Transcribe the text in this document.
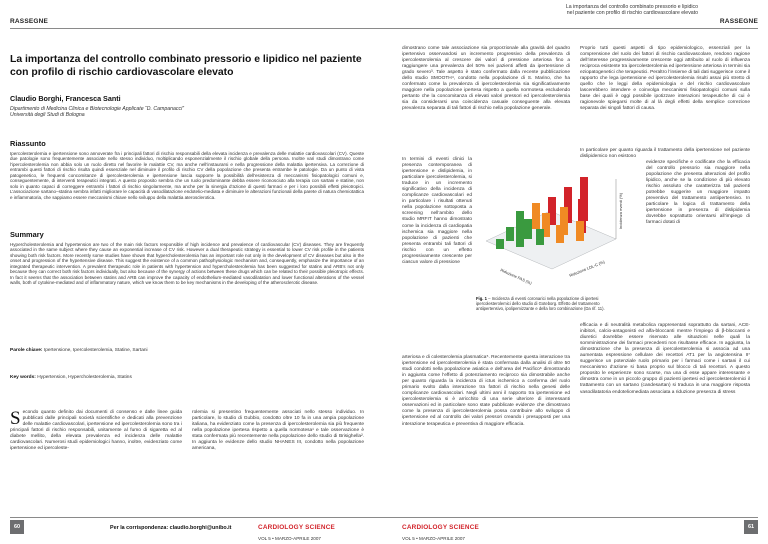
RASSEGNE
La importanza del controllo combinato pressorio e lipidico nel paziente con profilo di rischio cardiovascolare elevato
Claudio Borghi, Francesca Santi
Dipartimento di Medicina Clinica e Biotecnologie Applicate “D. Campanacci”
Università degli Studi di Bologna
Riassunto
Ipercolesterolemia e ipertensione sono annoverate fra i principali fattori di rischio responsabili della elevata incidenza e prevalenza delle malattie cardiovascolari (CV). Queste due patologie sono frequentemente associate nello stesso individuo, moltiplicando esponenzialmente il rischio globale della persona. Inoltre vari studi dimostrano come l’ipercolesterolemia non abbia solo un ruolo diretto nel favorire le malattie CV, ma anche nell’instaurarsi e nella progressione della malattia ipertensiva. La correzione di entrambi questi fattori di rischio risulta quindi essenziale nel diminuire il profilo di rischio CV della popolazione che presenta entrambe le patologie. Da un punto di vista patogenetico, le frequenti concomitanze di ipercolesterolemia e ipertensione lascia supporre la possibilità dell’esistenza di meccanismi fisiopatologici comuni e, conseguentemente, di interventi terapeutici integrati. A questo proposito sembra che un ruolo predominante debba essere riconosciuto alla terapia con sartani e statine, non solo in quanto capaci di correggere entrambi i fattori di rischio singolarmente, ma anche per la sinergia d’azione di questi farmaci e per i loro possibili effetti pleiotropici. L’associazione sartano–statina sembra infatti migliorare le capacità di vasodilatazione endotelio-mediata e diminuire le alterazioni funzionali della parete di natura chemiotattica e infiammatoria, che sappiamo essere meccanismi chiave nello sviluppo della malattia aterosclerotica.
Summary
Hypercholesterolemia and hypertension are two of the main risk factors responsible of high incidence and prevalence of cardiovascular (CV) diseases. They are frequently associated in the same subject where they cause an exponential increase of CV risk. However a dual therapeutic strategy is essential to lower CV risk profile in the patients showing both risk factors. More recently some studies have shown that hypercholesterolemia has an important role not only in the development of CV diseases but also in the onset and progression of the hypertensive disease. This suggest the existence of a common pathophysiologic mechanism and, consequently, emphasize the importance of an integrated therapeutic intervention. A prevalent therapeutic role in patients with hypertension and hypercholesterolemia has been suggested for statins and ARB’s not only because they can correct both risk factors individually, but also because of the synergy of actions between these drugs which can be related to their possible pleiotropic effects. In fact it seems that the association between statins and ARB can improve the capacity of endothelium-mediated vasodilatation and lower functional alterations of the vessel walls, both of cytokine-mediated and of inflammatory nature, which we know them to be key mechanisms in the developing of the atherosclerotic disease.
Parole chiave: Ipertensione, Ipercolesterolemia, Statine, Sartani
Key words: Hypertension, Hypercholesterolemia, Statins
Secondo quanto definito dai documenti di consenso e dalle linee guida pubblicati dalle principali società scientifiche e dedicati alla prevenzione delle malattie cardiovascolari, ipertensione ed ipercolesterolemia sono tra i principali fattori di rischio responsabili, unitamente al fumo di sigaretta ed al diabete mellito, della elevata prevalenza ed incidenza delle malattie cardiovascolari. Numerosi studi epidemiologici hanno, inoltre, evidenziato come ipertensione ed ipercoleste-
rolemia si presentino frequentemente associati nello stesso individuo. In particolare, lo studio di Gubbio, condotto oltre 10 fa in una ampia popolazione italiana, ha evidenziato come la presenza di ipercolesterolemia sia più frequente nella popolazione ipertesa rispetto a quella normotesa¹ e tale osservazione è stata confermata più recentemente nella popolazione dello studio di Brisighella². In aggiunta le evidenze dello studio NHANES III, condotto nella popolazione americana,
60	Per la corrispondenza: claudio.borghi@unibo.it	CARDIOLOGY SCIENCE
VOL 5 • MARZO-APRILE 2007
La importanza del controllo combinato pressorio e lipidico
nel paziente con profilo di rischio cardiovascolare elevato
RASSEGNE
dimostrano come tale associazione sia proporzionale alla gravità del quadro ipertensivo osservandosi un incremento progressivo della prevalenza di ipercolesterolemia al crescere dei valori di pressione arteriosa fino a raggiungere una prevalenza del 50% nei pazienti affetti da ipertensione di grado severo³. Tale aspetto è stato confermato dalla recente pubblicazione dello studio SMOOTH⁴, condotto nella popolazione di S. Marino, che ha confermato come la prevalenza di ipercolesterolemia sia significativamente maggiore nella popolazione ipertesa rispetto a quella normotesa escludendo pertanto che la concomitanza di elevati valori pressori ed ipercolesterolemia sia da considerarsi una coincidenza casuale conseguente alla elevata prevalenza separata di tali fattori di rischio nella popolazione generale.
In termini di eventi clinici la presenza contemporanea di ipertensione e dislipidemia, in particolare ipercolesterolemia, si traduce in un incremento significativo della incidenza di complicanze cardiovascolari ed in particolare i risultati ottenuti nella popolazione sottoposta a screening nell’ambito dello studio MRFIT hanno dimostrato come la incidenza di cardiopatia ischemica sia maggiore nella popolazione di pazienti che presenta entrambi tali fattori di rischio con un effetto progressivamente crescente per ciascun valore di pressione
arteriosa e di colesterolemia plasmatica⁵. Recentemente questa interazione tra ipertensione ed ipercolesterolemia è stata confermata dalla analisi di oltre 50 studi condotti nella popolazione asiatica e dell’area del Pacifico⁶ dimostrando in aggiunta come l’effetto di potenziamento reciproco sia dimostrabile anche per quanto riguarda la incidenza di ictus ischemico a conferma del ruolo primario svolto dalla interazione tra fattori di rischio nella genesi delle complicanze cardiovascolari. Negli ultimi anni il rapporto tra ipertensione ed ipercolesterolemia si è arricchito di una serie ulteriore di interessanti osservazioni ed in particolare sono state pubblicate evidenze che dimostrano come la presenza di ipercolesterolemia possa contribuire allo sviluppo di ipertensione ed al controllo dei valori pressori creando i presupposti per una interazione terapeutica e preventiva di maggiore efficacia.
Incidenza eventi (%)
Riduzione PAS (%)	Riduzione LDL-C (%)
Fig. 1 – Incidenza di eventi coronarici nella popolazione di ipertesi ipercolesterolemici dello studio di Goteborg. Effetto del trattamento antiipertensivo, ipolipemizzante e della loro combinazione (Da rif. 11).
Proprio tutti questi aspetti di tipo epidemiologico, essenziali per la comprensione del ruolo dei fattori di rischio cardiovascolare, rendono ragione dell’interesse progressivamente crescente oggi attribuito al ruolo di influenza reciproca esistente tra ipercolesterolemia ed ipertensione arteriosa in termini sia eziopatogenetici che terapeutici. Peraltro l’insieme di tali dati suggerisce come il rapporto che lega ipertensione ed ipercolesterolemia risulti assai più stretto di quello che le leggi della epidemiologia e del rischio cardiovascolare lascerebbero intendere e coinvolga meccanismi fisiopatologici comuni sulla base dei quali è oggi possibile ipotizzare interazioni terapeutiche di cui è ragionevole spiegarsi molte di al là degli effetti della semplice correzione separata dei singoli fattori di causa.
In particolare per quanto riguarda il trattamento della ipertensione nel paziente dislipidemico non esistono
evidenze specifiche e codificate che la efficacia del controllo pressorio sia maggiore nella popolazione che presenta alterazioni del profilo lipidico, anche se la condizione di più elevato rischio assoluto che caratterizza tali pazienti potrebbe suggerire un maggiore impatto preventivo del trattamento antiipertensivo. In particolare la logica di trattamento della ipertensione in presenza di dislipidemia dovrebbe soprattutto orientarsi all’impiego di farmaci dotati di
efficacia e di neutralità metabolica rappresentati soprattutto da sartani, ACE-inibitori, calcio-antagonisti ed alfa-bloccanti mentre l’impiego di β-bloccanti e diuretici dovrebbe essere riservato alle situazioni nelle quali la somministrazione dei farmaci precedenti non risultasse efficace. In aggiunta, la dimostrazione che la presenza di ipercolesterolemia si associa ad una aumentata espressione cellulare dei recettori AT1 per la angiotensina II⁷ suggerisce un potenziale ruolo primario per i farmaci come i sartani il cui meccanismo d’azione si basa proprio sul blocco di tali recettori. A questo proposito le esperienze sono scarse, ma una di esse appare interessante e dimostra come in un piccolo gruppo di pazienti ipertesi ed ipercolesterolemici il trattamento con un sartano (candesartan) si traduca in una maggiore risposta vasodilatatoria endoteliomediata associata a riduzione presenza di stress
CARDIOLOGY SCIENCE
VOL 5 • MARZO-APRILE 2007
61
